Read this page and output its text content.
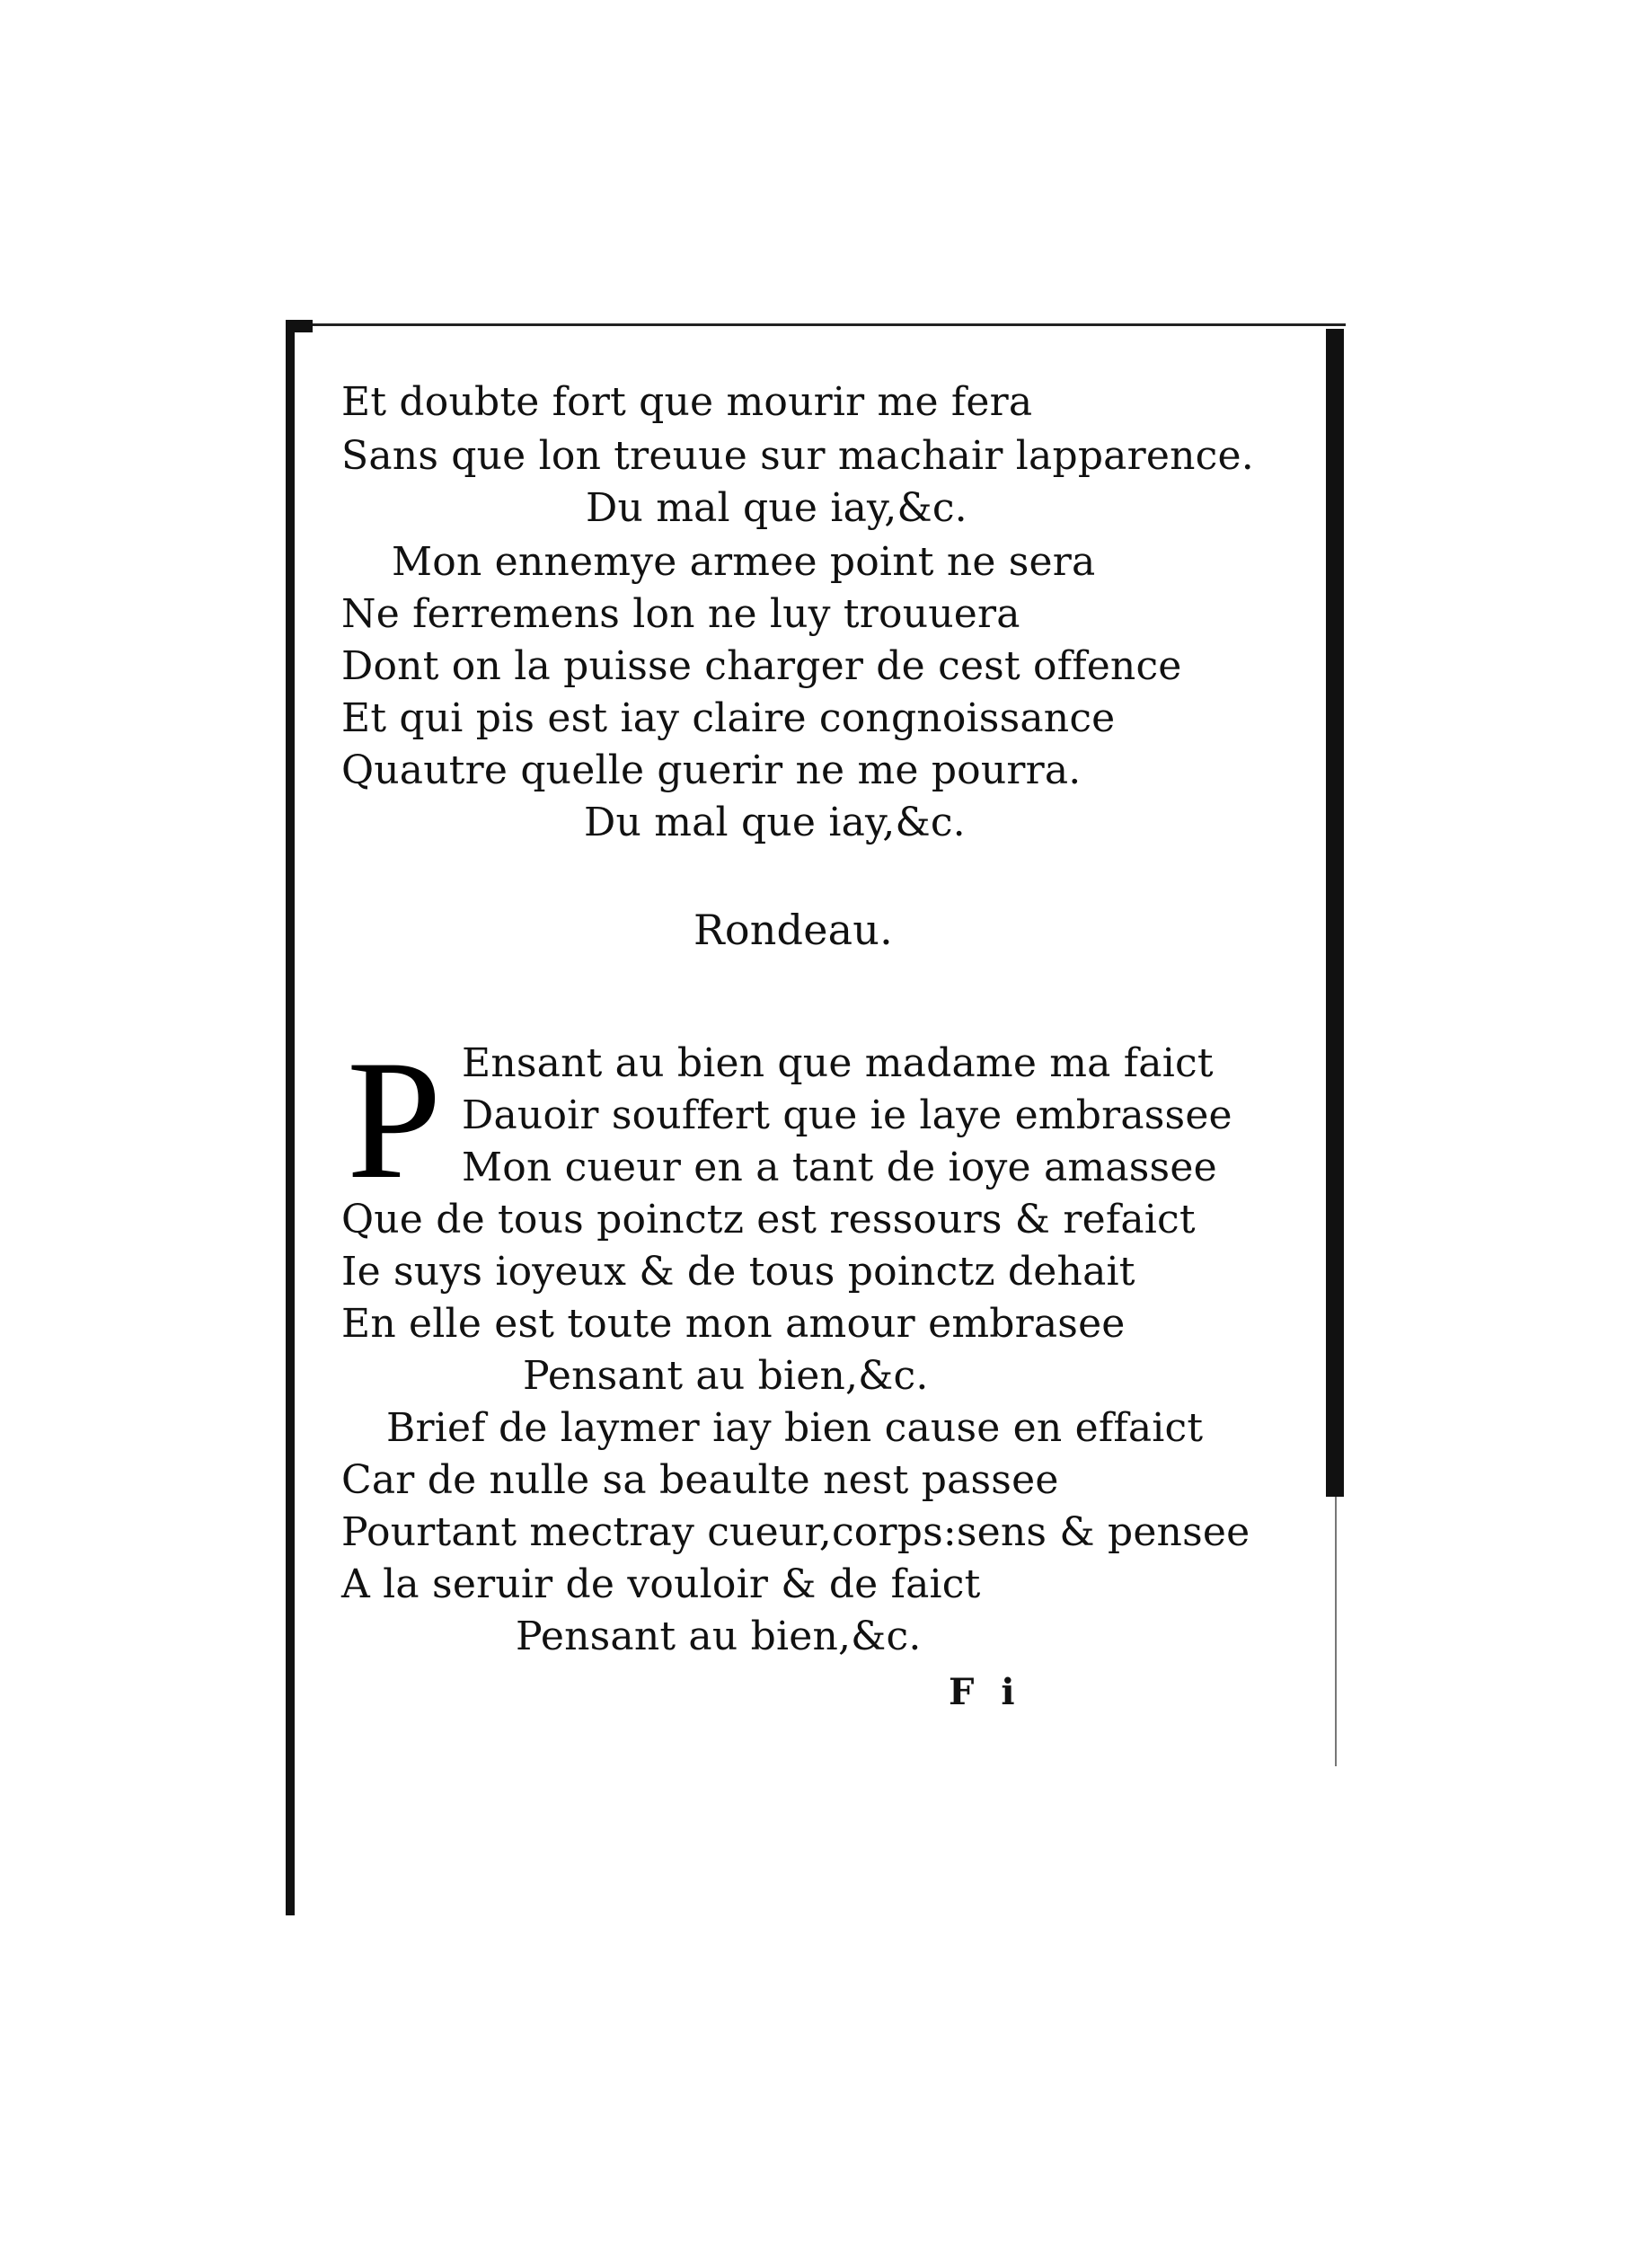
Et doubte fort que mourir me fera
Sans que lon treuue sur machair lapparence.
Du mal que iay,&c.
Mon ennemye armee point ne sera
Ne ferremens lon ne luy trouuera
Dont on la puisse charger de cest offence
Et qui pis est iay claire congnoissance
Quautre quelle guerir ne me pourra.
Du mal que iay,&c.
Rondeau.
P Ensant au bien que madame ma faict
Dauoir souffert que ie laye embrassee
Mon cueur en a tant de ioye amassee
Que de tous poinctz est ressours & refaict
Ie suys ioyeux & de tous poinctz dehait
En elle est toute mon amour embrasee
Pensant au bien,&c.
Brief de laymer iay bien cause en effaict
Car de nulle sa beaulte nest passee
Pourtant mectray cueur,corps:sens & pensee
A la seruir de vouloir & de faict
Pensant au bien,&c.
F i
